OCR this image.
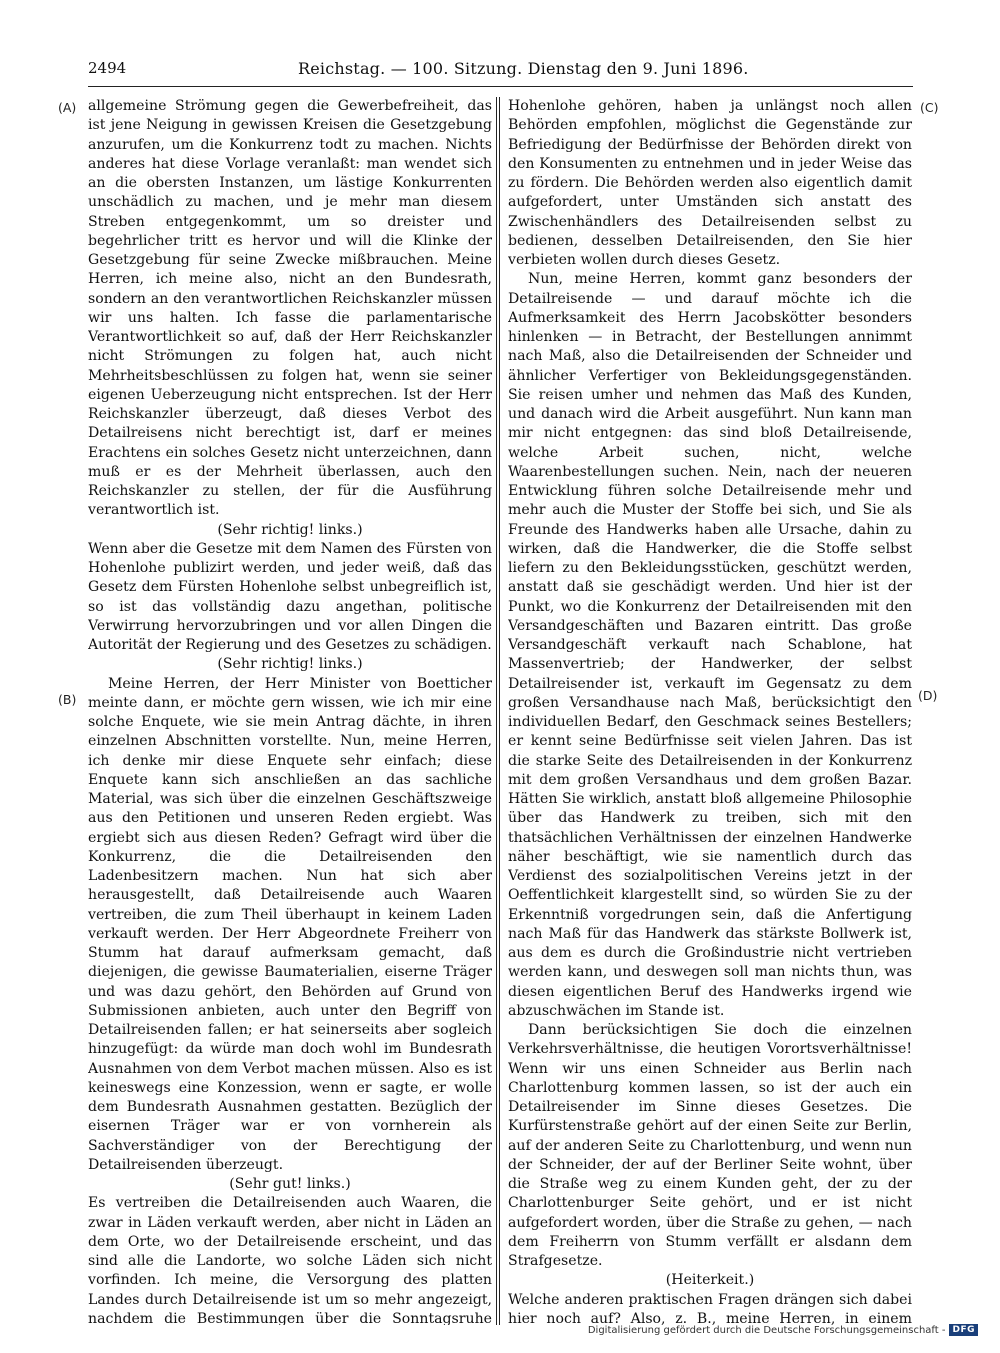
2494	Reichstag. — 100. Sitzung. Dienstag den 9. Juni 1896.
(A)
(B)
(C)
(D)

allgemeine Strömung gegen die Gewerbefreiheit, das ist jene Neigung in gewissen Kreisen die Gesetzgebung anzurufen, um die Konkurrenz todt zu machen. Nichts anderes hat diese Vorlage veranlaßt: man wendet sich an die obersten Instanzen, um lästige Konkurrenten unschädlich zu machen, und je mehr man diesem Streben entgegenkommt, um so dreister und begehrlicher tritt es hervor und will die Klinke der Gesetzgebung für seine Zwecke mißbrauchen. Meine Herren, ich meine also, nicht an den Bundesrath, sondern an den verantwortlichen Reichskanzler müssen wir uns halten. Ich fasse die parlamentarische Verantwortlichkeit so auf, daß der Herr Reichskanzler nicht Strömungen zu folgen hat, auch nicht Mehrheitsbeschlüssen zu folgen hat, wenn sie seiner eigenen Ueberzeugung nicht entsprechen. Ist der Herr Reichskanzler überzeugt, daß dieses Verbot des Detailreisens nicht berechtigt ist, darf er meines Erachtens ein solches Gesetz nicht unterzeichnen, dann muß er es der Mehrheit überlassen, auch den Reichskanzler zu stellen, der für die Ausführung verantwortlich ist.

(Sehr richtig! links.)

Wenn aber die Gesetze mit dem Namen des Fürsten von Hohenlohe publizirt werden, und jeder weiß, daß das Gesetz dem Fürsten Hohenlohe selbst unbegreiflich ist, so ist das vollständig dazu angethan, politische Verwirrung hervorzubringen und vor allen Dingen die Autorität der Regierung und des Gesetzes zu schädigen.

(Sehr richtig! links.)

Meine Herren, der Herr Minister von Boetticher meinte dann, er möchte gern wissen, wie ich mir eine solche Enquete, wie sie mein Antrag dächte, in ihren einzelnen Abschnitten vorstellte. Nun, meine Herren, ich denke mir diese Enquete sehr einfach; diese Enquete kann sich anschließen an das sachliche Material, was sich über die einzelnen Geschäftszweige aus den Petitionen und unseren Reden ergiebt. Was ergiebt sich aus diesen Reden? Gefragt wird über die Konkurrenz, die die Detailreisenden den Ladenbesitzern machen. Nun hat sich aber herausgestellt, daß Detailreisende auch Waaren vertreiben, die zum Theil überhaupt in keinem Laden verkauft werden. Der Herr Abgeordnete Freiherr von Stumm hat darauf aufmerksam gemacht, daß diejenigen, die gewisse Baumaterialien, eiserne Träger und was dazu gehört, den Behörden auf Grund von Submissionen anbieten, auch unter den Begriff von Detailreisenden fallen; er hat seinerseits aber sogleich hinzugefügt: da würde man doch wohl im Bundesrath Ausnahmen von dem Verbot machen müssen. Also es ist keineswegs eine Konzession, wenn er sagte, er wolle dem Bundesrath Ausnahmen gestatten. Bezüglich der eisernen Träger war er von vornherein als Sachverständiger von der Berechtigung der Detailreisenden überzeugt.

(Sehr gut! links.)

Es vertreiben die Detailreisenden auch Waaren, die zwar in Läden verkauft werden, aber nicht in Läden an dem Orte, wo der Detailreisende erscheint, und das sind alle die Landorte, wo solche Läden sich nicht vorfinden. Ich meine, die Versorgung des platten Landes durch Detailreisende ist um so mehr angezeigt, nachdem die Bestimmungen über die Sonntagsruhe

Hohenlohe gehören, haben ja unlängst noch allen Behörden empfohlen, möglichst die Gegenstände zur Befriedigung der Bedürfnisse der Behörden direkt von den Konsumenten zu entnehmen und in jeder Weise das zu fördern. Die Behörden werden also eigentlich damit aufgefordert, unter Umständen sich anstatt des Zwischenhändlers des Detailreisenden selbst zu bedienen, desselben Detailreisenden, den Sie hier verbieten wollen durch dieses Gesetz.

Nun, meine Herren, kommt ganz besonders der Detailreisende — und darauf möchte ich die Aufmerksamkeit des Herrn Jacobskötter besonders hinlenken — in Betracht, der Bestellungen annimmt nach Maß, also die Detailreisenden der Schneider und ähnlicher Verfertiger von Bekleidungsgegenständen. Sie reisen umher und nehmen das Maß des Kunden, und danach wird die Arbeit ausgeführt. Nun kann man mir nicht entgegnen: das sind bloß Detailreisende, welche Arbeit suchen, nicht, welche Waarenbestellungen suchen. Nein, nach der neueren Entwicklung führen solche Detailreisende mehr und mehr auch die Muster der Stoffe bei sich, und Sie als Freunde des Handwerks haben alle Ursache, dahin zu wirken, daß die Handwerker, die die Stoffe selbst liefern zu den Bekleidungsstücken, geschützt werden, anstatt daß sie geschädigt werden. Und hier ist der Punkt, wo die Konkurrenz der Detailreisenden mit den Versandgeschäften und Bazaren eintritt. Das große Versandgeschäft verkauft nach Schablone, hat Massenvertrieb; der Handwerker, der selbst Detailreisender ist, verkauft im Gegensatz zu dem großen Versandhause nach Maß, berücksichtigt den individuellen Bedarf, den Geschmack seines Bestellers; er kennt seine Bedürfnisse seit vielen Jahren. Das ist die starke Seite des Detailreisenden in der Konkurrenz mit dem großen Versandhaus und dem großen Bazar. Hätten Sie wirklich, anstatt bloß allgemeine Philosophie über das Handwerk zu treiben, sich mit den thatsächlichen Verhältnissen der einzelnen Handwerke näher beschäftigt, wie sie namentlich durch das Verdienst des sozialpolitischen Vereins jetzt in der Oeffentlichkeit klargestellt sind, so würden Sie zu der Erkenntniß vorgedrungen sein, daß die Anfertigung nach Maß für das Handwerk das stärkste Bollwerk ist, aus dem es durch die Großindustrie nicht vertrieben werden kann, und deswegen soll man nichts thun, was diesen eigentlichen Beruf des Handwerks irgend wie abzuschwächen im Stande ist.

Dann berücksichtigen Sie doch die einzelnen Verkehrsverhältnisse, die heutigen Vorortsverhältnisse! Wenn wir uns einen Schneider aus Berlin nach Charlottenburg kommen lassen, so ist der auch ein Detailreisender im Sinne dieses Gesetzes. Die Kurfürstenstraße gehört auf der einen Seite zur Berlin, auf der anderen Seite zu Charlottenburg, und wenn nun der Schneider, der auf der Berliner Seite wohnt, über die Straße weg zu einem Kunden geht, der zu der Charlottenburger Seite gehört, und er ist nicht aufgefordert worden, über die Straße zu gehen, — nach dem Freiherrn von Stumm verfällt er alsdann dem Strafgesetze.

(Heiterkeit.)

Welche anderen praktischen Fragen drängen sich dabei hier noch auf? Also, z. B., meine Herren, in einem

Digitalisierung gefördert durch die Deutsche Forschungsgemeinschaft - DFG
